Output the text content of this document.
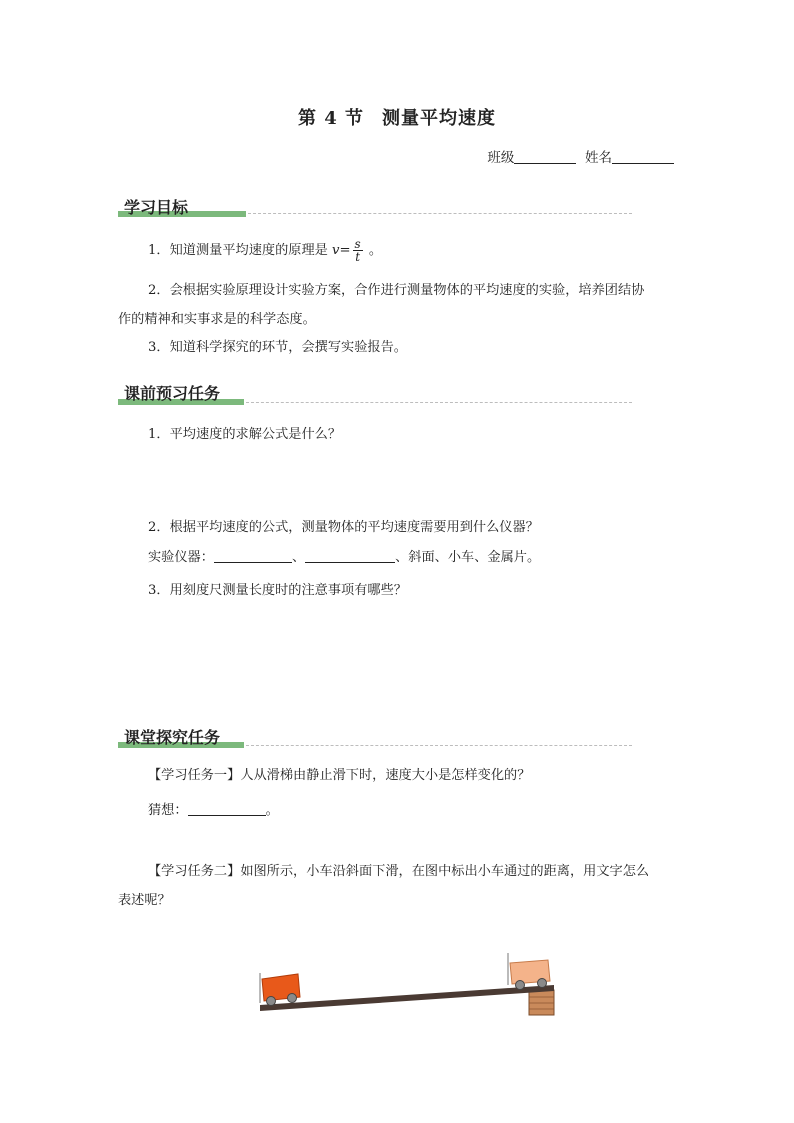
第 4 节 测量平均速度
班级	姓名
学习目标
1．知道测量平均速度的原理是 $v= \frac{s}{t}$ 。
2．会根据实验原理设计实验方案，合作进行测量物体的平均速度的实验，培养团结协
作的精神和实事求是的科学态度。
3．知道科学探究的环节，会撰写实验报告。
课前预习任务
1．平均速度的求解公式是什么？
2．根据平均速度的公式，测量物体的平均速度需要用到什么仪器？
实验仪器：	、	、斜面、小车、金属片。
3．用刻度尺测量长度时的注意事项有哪些？
课堂探究任务
【学习任务一】人从滑梯由静止滑下时，速度大小是怎样变化的？
猜想：	。
【学习任务二】如图所示，小车沿斜面下滑，在图中标出小车通过的距离，用文字怎么
表述呢？
